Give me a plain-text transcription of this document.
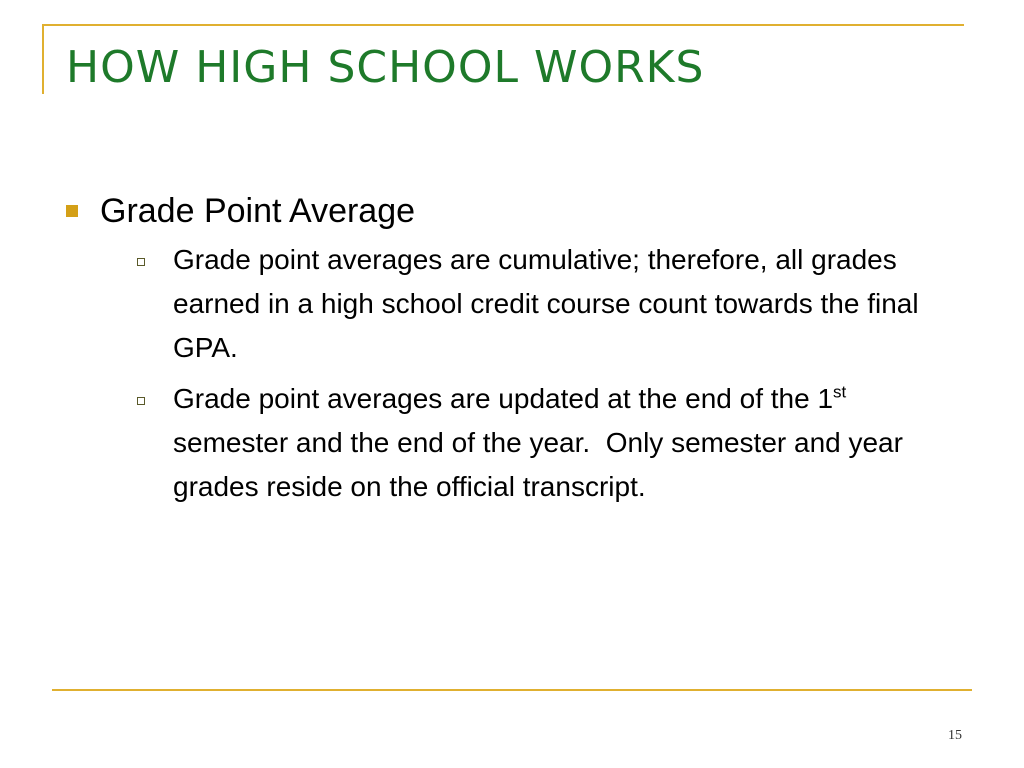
HOW HIGH SCHOOL WORKS
Grade Point Average
Grade point averages are cumulative; therefore, all grades earned in a high school credit course count towards the final GPA.
Grade point averages are updated at the end of the 1st semester and the end of the year.  Only semester and year grades reside on the official transcript.
15
